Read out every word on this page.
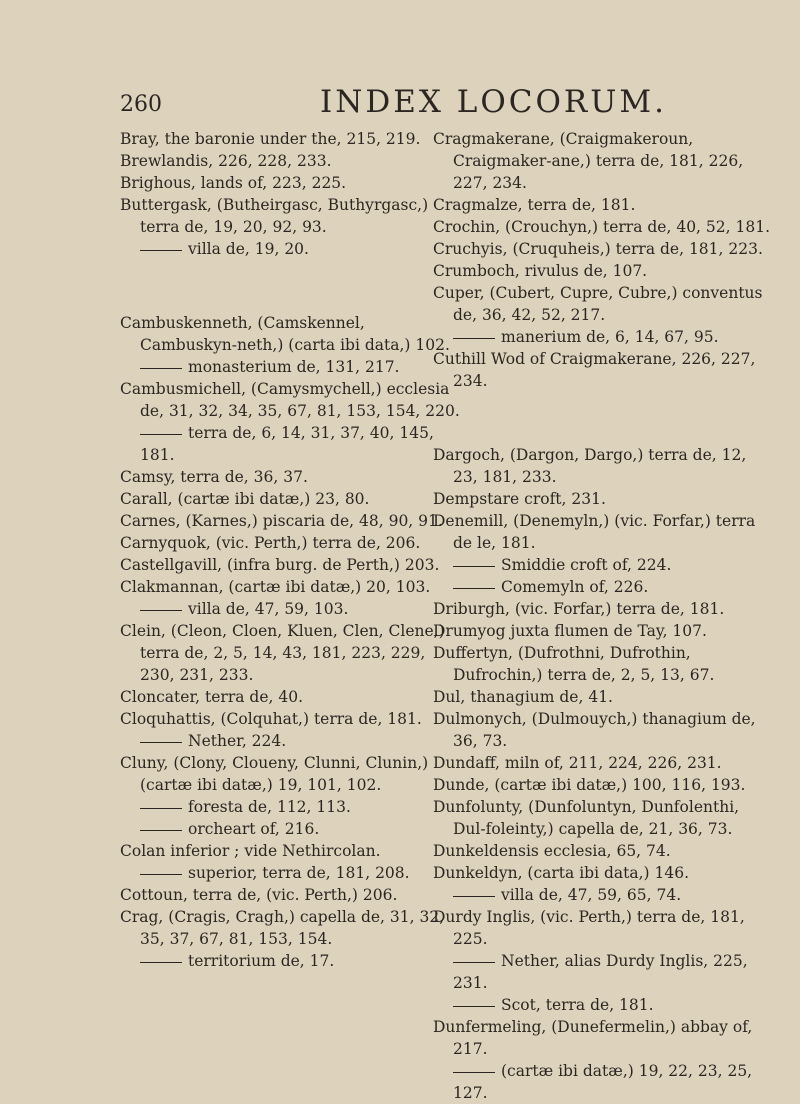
260	INDEX LOCORUM.
Bray, the baronie under the, 215, 219.
Brewlandis, 226, 228, 233.
Brighous, lands of, 223, 225.
Buttergask, (Butheirgasc, Buthyrgasc,) terra de, 19, 20, 92, 93.
villa de, 19, 20.
Cambuskenneth, (Camskennel, Cambuskyn-neth,) (carta ibi data,) 102.
monasterium de, 131, 217.
Cambusmichell, (Camysmychell,) ecclesia de, 31, 32, 34, 35, 67, 81, 153, 154, 220.
terra de, 6, 14, 31, 37, 40, 145, 181.
Camsy, terra de, 36, 37.
Carall, (cartæ ibi datæ,) 23, 80.
Carnes, (Karnes,) piscaria de, 48, 90, 91.
Carnyquok, (vic. Perth,) terra de, 206.
Castellgavill, (infra burg. de Perth,) 203.
Clakmannan, (cartæ ibi datæ,) 20, 103.
villa de, 47, 59, 103.
Clein, (Cleon, Cloen, Kluen, Clen, Clene,) terra de, 2, 5, 14, 43, 181, 223, 229, 230, 231, 233.
Cloncater, terra de, 40.
Cloquhattis, (Colquhat,) terra de, 181.
Nether, 224.
Cluny, (Clony, Cloueny, Clunni, Clunin,) (cartæ ibi datæ,) 19, 101, 102.
foresta de, 112, 113.
orcheart of, 216.
Colan inferior ; vide Nethircolan.
superior, terra de, 181, 208.
Cottoun, terra de, (vic. Perth,) 206.
Crag, (Cragis, Cragh,) capella de, 31, 32, 35, 37, 67, 81, 153, 154.
territorium de, 17.
Cragmakerane, (Craigmakeroun, Craigmaker-ane,) terra de, 181, 226, 227, 234.
Cragmalze, terra de, 181.
Crochin, (Crouchyn,) terra de, 40, 52, 181.
Cruchyis, (Cruquheis,) terra de, 181, 223.
Crumboch, rivulus de, 107.
Cuper, (Cubert, Cupre, Cubre,) conventus de, 36, 42, 52, 217.
manerium de, 6, 14, 67, 95.
Cuthill Wod of Craigmakerane, 226, 227, 234.
Dargoch, (Dargon, Dargo,) terra de, 12, 23, 181, 233.
Dempstare croft, 231.
Denemill, (Denemyln,) (vic. Forfar,) terra de le, 181.
Smiddie croft of, 224.
Comemyln of, 226.
Driburgh, (vic. Forfar,) terra de, 181.
Drumyog juxta flumen de Tay, 107.
Duffertyn, (Dufrothni, Dufrothin, Dufrochin,) terra de, 2, 5, 13, 67.
Dul, thanagium de, 41.
Dulmonych, (Dulmouych,) thanagium de, 36, 73.
Dundaff, miln of, 211, 224, 226, 231.
Dunde, (cartæ ibi datæ,) 100, 116, 193.
Dunfolunty, (Dunfoluntyn, Dunfolenthi, Dul-foleinty,) capella de, 21, 36, 73.
Dunkeldensis ecclesia, 65, 74.
Dunkeldyn, (carta ibi data,) 146.
villa de, 47, 59, 65, 74.
Durdy Inglis, (vic. Perth,) terra de, 181, 225.
Nether, alias Durdy Inglis, 225, 231.
Scot, terra de, 181.
Dunfermeling, (Dunefermelin,) abbay of, 217.
(cartæ ibi datæ,) 19, 22, 23, 25, 127.
